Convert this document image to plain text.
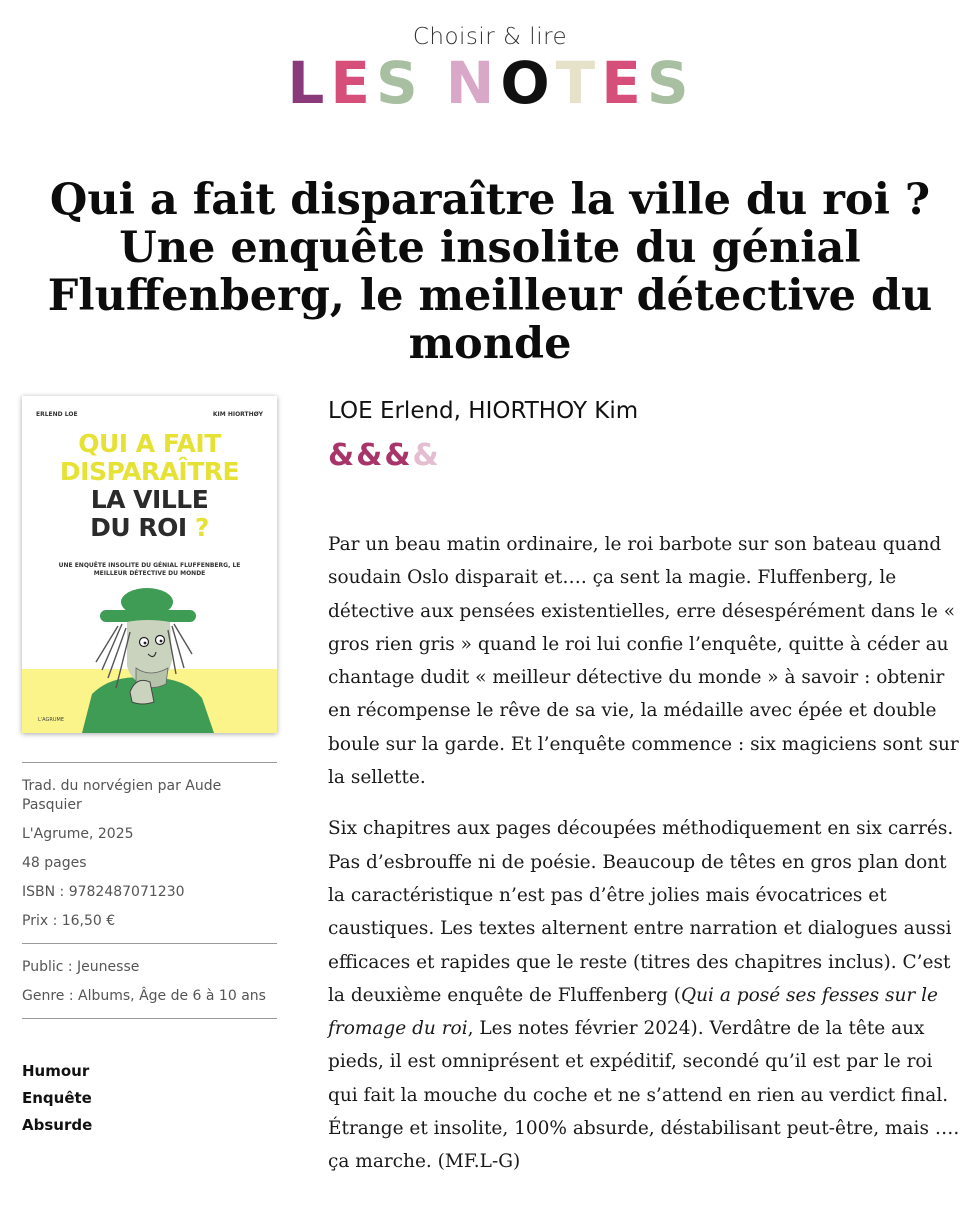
Choisir & lire
L E S N O T E S
Qui a fait disparaître la ville du roi ? Une enquête insolite du génial Fluffenberg, le meilleur détective du monde
ERLEND LOE	KIM HIORTHØY
QUI A FAIT
DISPARAÎTRE
LA VILLE
DU ROI ?
UNE ENQUÊTE INSOLITE DU GÉNIAL FLUFFENBERG, LE MEILLEUR DÉTECTIVE DU MONDE
L'AGRUME
LOE Erlend, HIORTHOY Kim
& & & &

Par un beau matin ordinaire, le roi barbote sur son bateau quand soudain Oslo disparait et…. ça sent la magie. Fluffenberg, le détective aux pensées existentielles, erre désespérément dans le « gros rien gris » quand le roi lui confie l’enquête, quitte à céder au chantage dudit « meilleur détective du monde » à savoir : obtenir en récompense le rêve de sa vie, la médaille avec épée et double boule sur la garde. Et l’enquête commence : six magiciens sont sur la sellette.

Six chapitres aux pages découpées méthodiquement en six carrés. Pas d’esbrouffe ni de poésie. Beaucoup de têtes en gros plan dont la caractéristique n’est pas d’être jolies mais évocatrices et caustiques. Les textes alternent entre narration et dialogues aussi efficaces et rapides que le reste (titres des chapitres inclus). C’est la deuxième enquête de Fluffenberg (Qui a posé ses fesses sur le fromage du roi, Les notes février 2024). Verdâtre de la tête aux pieds, il est omniprésent et expéditif, secondé qu’il est par le roi qui fait la mouche du coche et ne s’attend en rien au verdict final. Étrange et insolite, 100% absurde, déstabilisant peut-être, mais …. ça marche. (MF.L-G)

Trad. du norvégien par Aude Pasquier
L'Agrume, 2025
48 pages
ISBN : 9782487071230
Prix : 16,50 €
Public : Jeunesse
Genre : Albums, Âge de 6 à 10 ans
Humour
Enquête
Absurde
